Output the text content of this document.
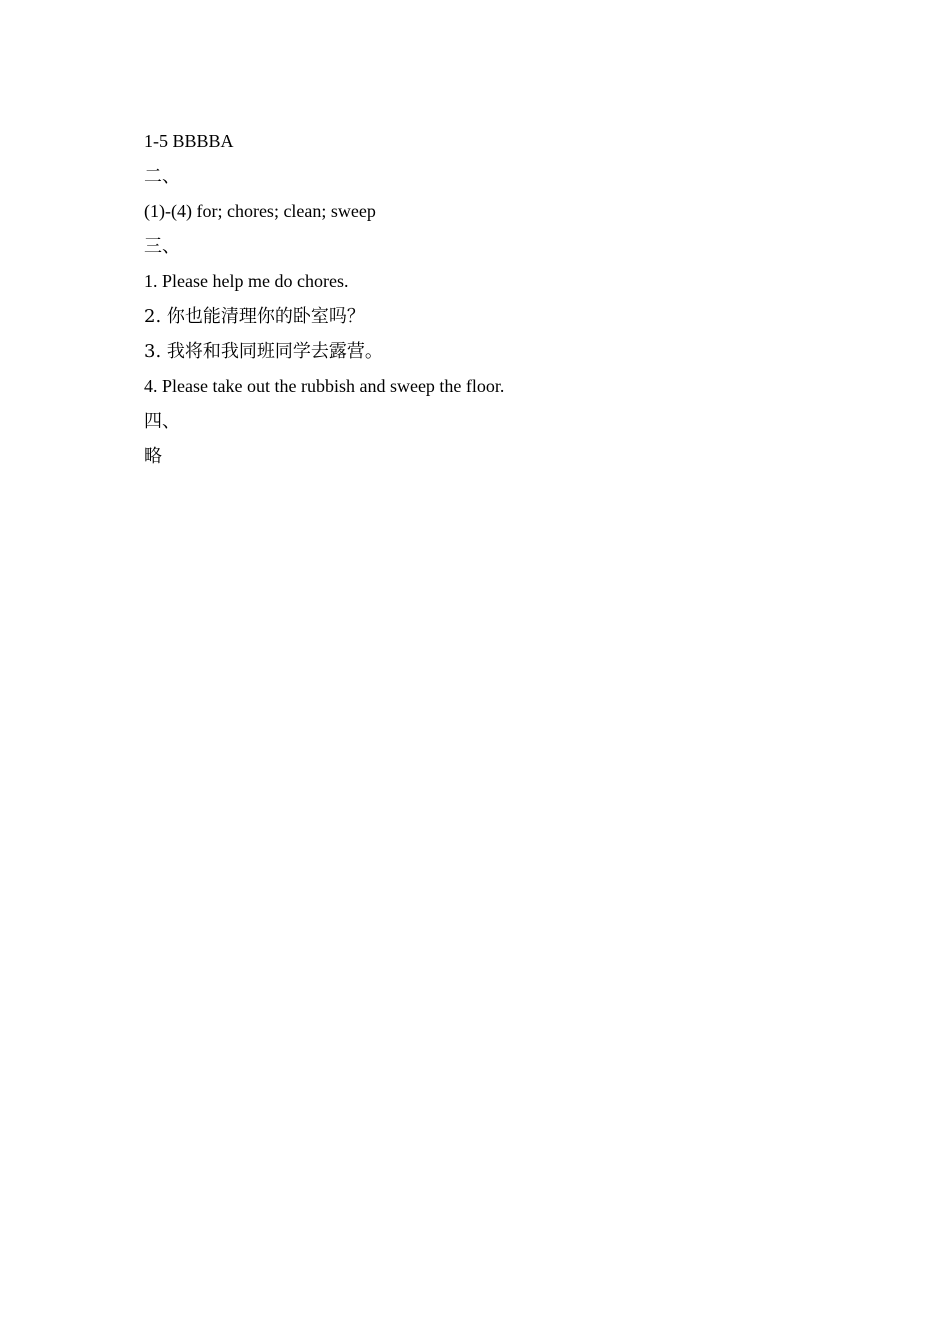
1-5 BBBBA

二、

(1)-(4) for; chores; clean; sweep

三、

1. Please help me do chores.

2. 你也能清理你的卧室吗？

3. 我将和我同班同学去露营。

4. Please take out the rubbish and sweep the floor.

四、

略
